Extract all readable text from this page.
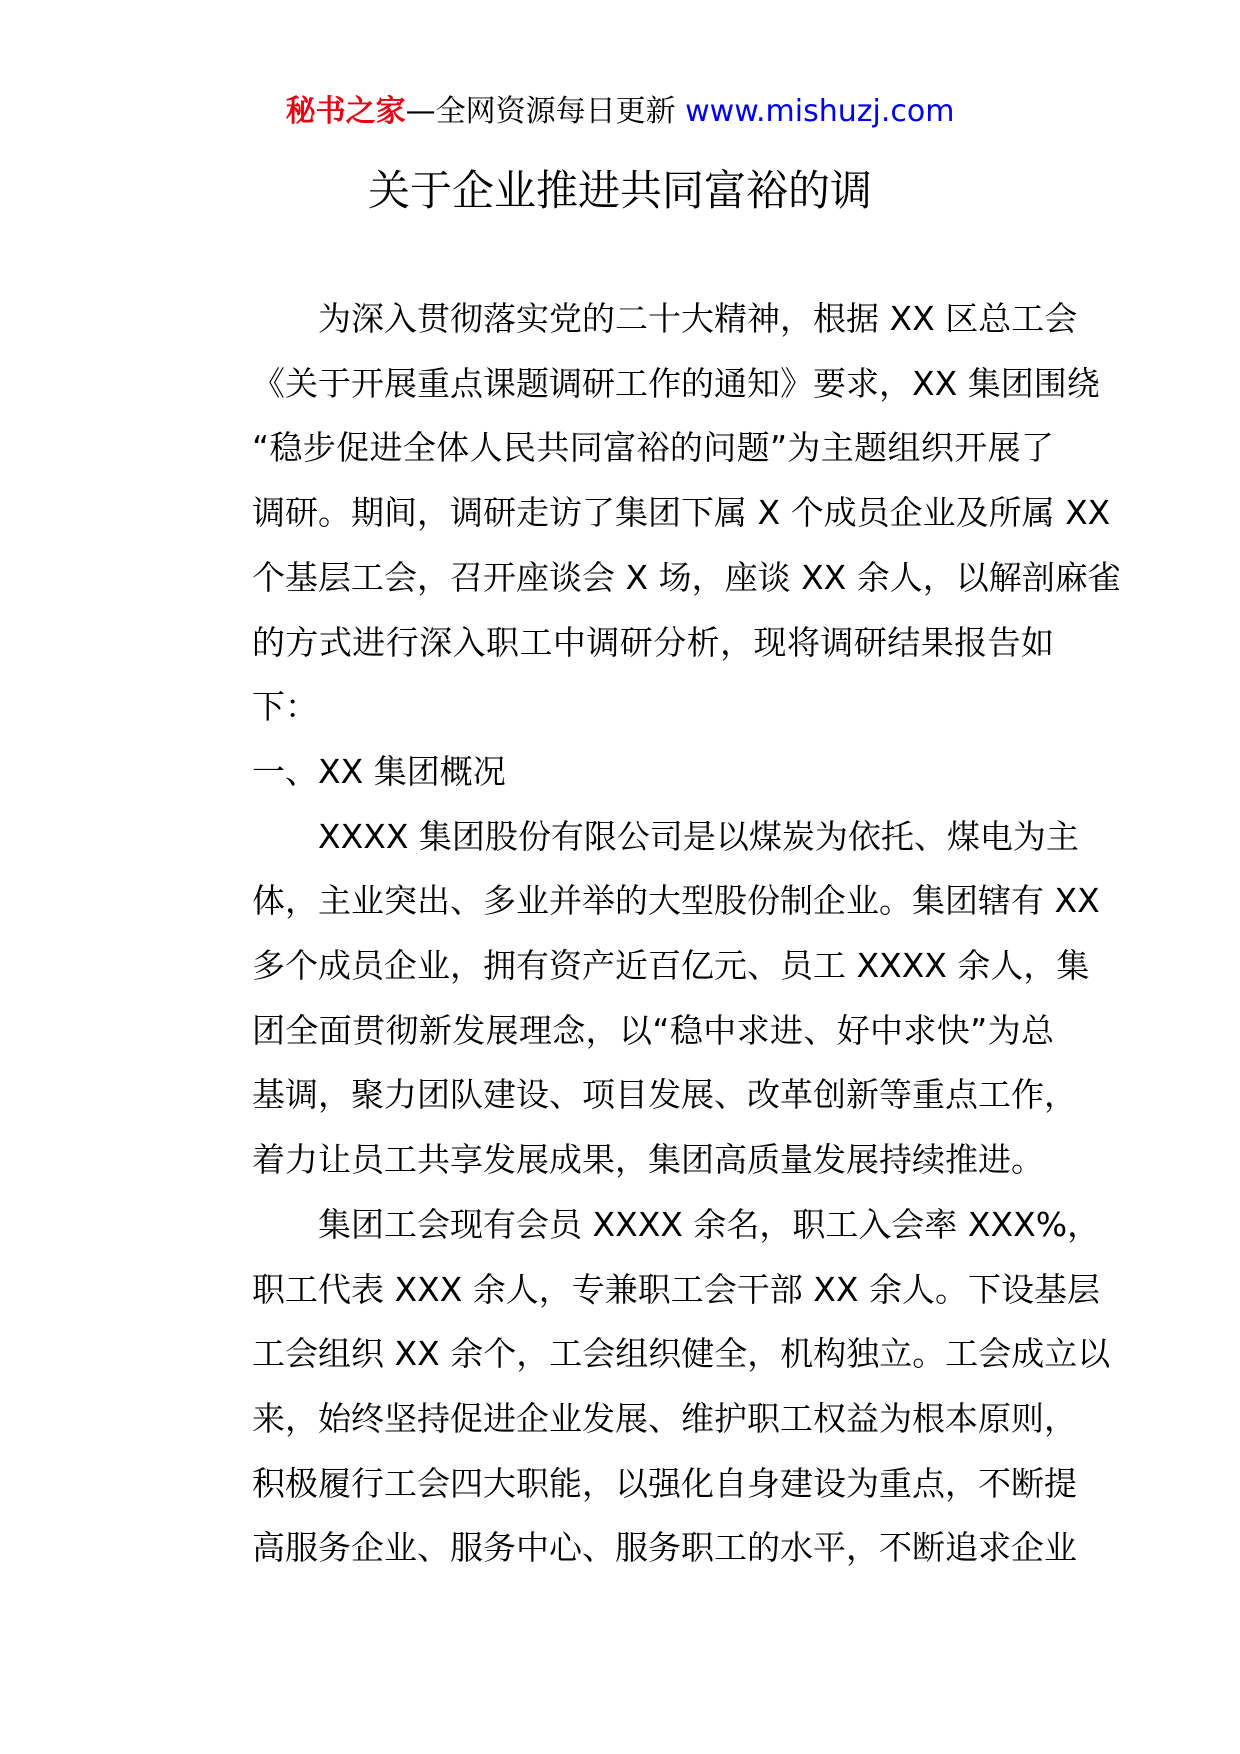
秘书之家—全网资源每日更新 www.mishuzj.com
关于企业推进共同富裕的调
为深入贯彻落实党的二十大精神，根据 XX 区总工会
《关于开展重点课题调研工作的通知》要求，XX 集团围绕
“稳步促进全体人民共同富裕的问题”为主题组织开展了
调研。期间，调研走访了集团下属 X 个成员企业及所属 XX
个基层工会，召开座谈会 X 场，座谈 XX 余人，以解剖麻雀
的方式进行深入职工中调研分析，现将调研结果报告如
下：
一、XX 集团概况
XXXX 集团股份有限公司是以煤炭为依托、煤电为主
体，主业突出、多业并举的大型股份制企业。集团辖有 XX
多个成员企业，拥有资产近百亿元、员工 XXXX 余人，集
团全面贯彻新发展理念，以“稳中求进、好中求快”为总
基调，聚力团队建设、项目发展、改革创新等重点工作，
着力让员工共享发展成果，集团高质量发展持续推进。
集团工会现有会员 XXXX 余名，职工入会率 XXX%，
职工代表 XXX 余人，专兼职工会干部 XX 余人。下设基层
工会组织 XX 余个，工会组织健全，机构独立。工会成立以
来，始终坚持促进企业发展、维护职工权益为根本原则，
积极履行工会四大职能，以强化自身建设为重点，不断提
高服务企业、服务中心、服务职工的水平，不断追求企业
